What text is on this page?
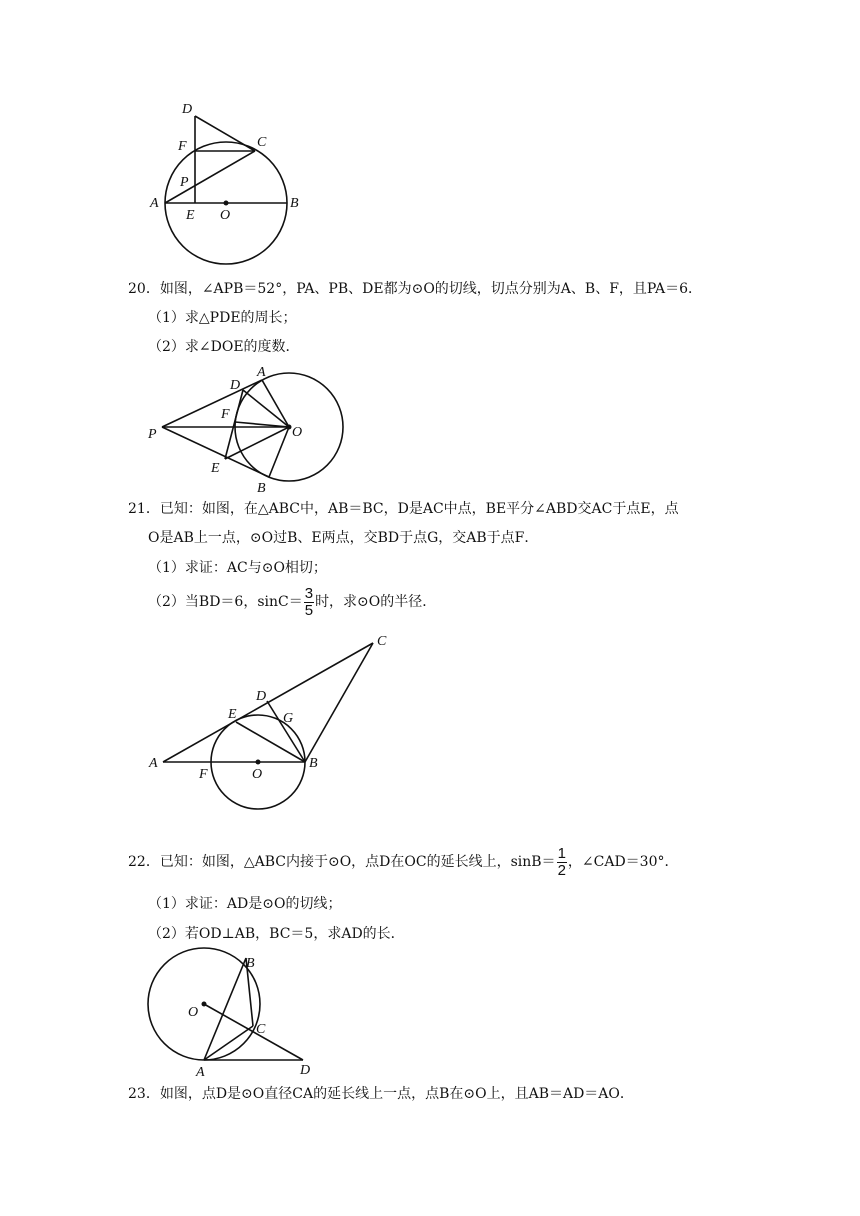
D
F	C
P
A
E O
B
20．如图，∠APB＝52°，PA、PB、DE都为⊙O的切线，切点分别为A、B、F，且PA＝6．
（1）求△PDE的周长；
（2）求∠DOE的度数．
D
A
F
P	O
E
B
21．已知：如图，在△ABC中，AB＝BC，D是AC中点，BE平分∠ABD交AC于点E，点
O是AB上一点，⊙O过B、E两点，交BD于点G，交AB于点F．
（1）求证：AC与⊙O相切；
（2）当BD＝6，$\sin C= \frac{3}{5}$ 时，求⊙O的半径．
C
D
E	G
A
F	O
B
22．已知：如图，△ABC内接于⊙O，点D在OC的延长线上，$\sin B= \frac{1}{2}$ ，∠CAD＝30°．
（1）求证：AD是⊙O的切线；
（2）若OD⊥AB，BC＝5，求AD的长．
B
O
C
A	D
23．如图，点D是⊙O直径CA的延长线上一点，点B在⊙O上，且AB＝AD＝AO．
